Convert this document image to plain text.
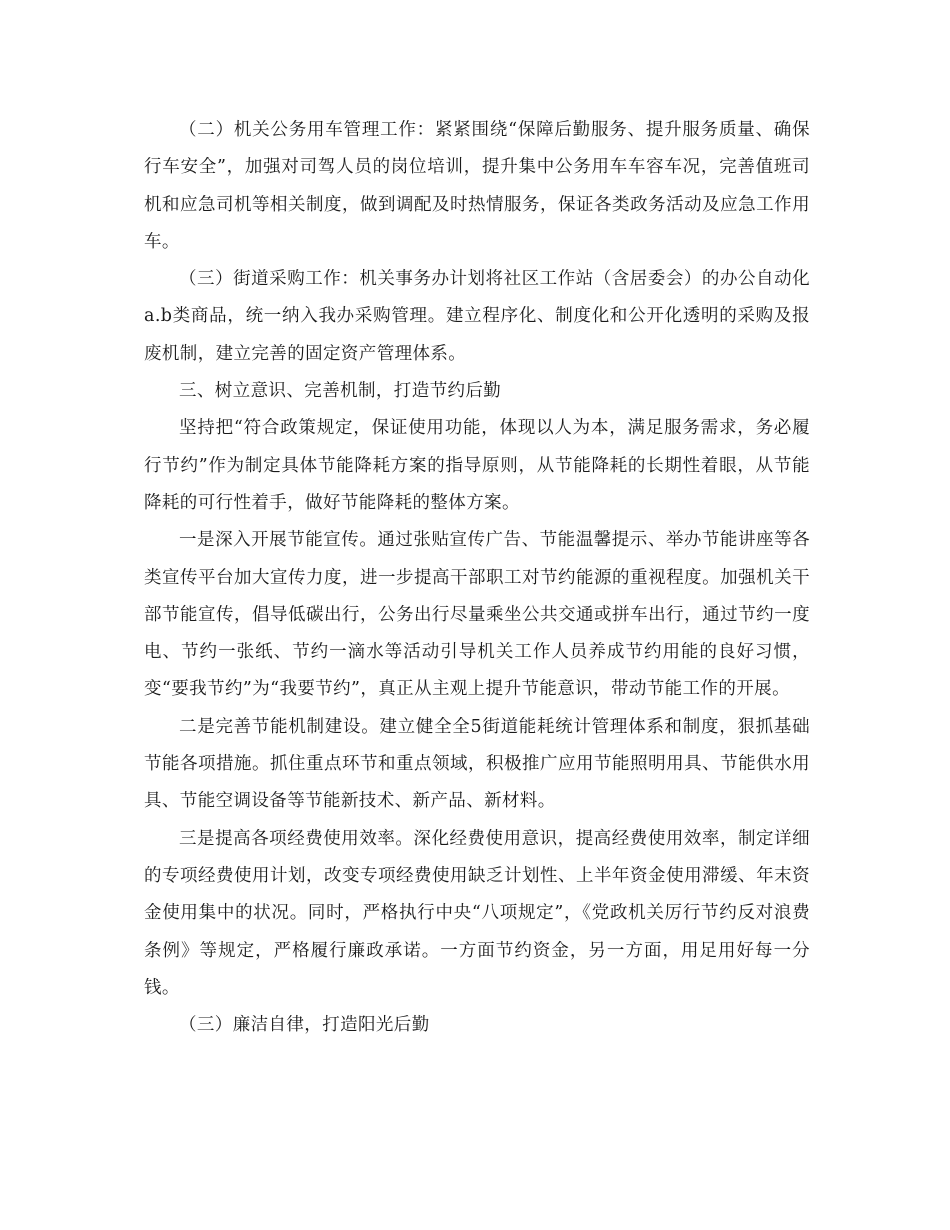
（二）机关公务用车管理工作：紧紧围绕“保障后勤服务、提升服务质量、确保行车安全”，加强对司驾人员的岗位培训，提升集中公务用车车容车况，完善值班司机和应急司机等相关制度，做到调配及时热情服务，保证各类政务活动及应急工作用车。

（三）街道采购工作：机关事务办计划将社区工作站（含居委会）的办公自动化a.b类商品，统一纳入我办采购管理。建立程序化、制度化和公开化透明的采购及报废机制，建立完善的固定资产管理体系。

三、树立意识、完善机制，打造节约后勤

坚持把“符合政策规定，保证使用功能，体现以人为本，满足服务需求，务必履行节约”作为制定具体节能降耗方案的指导原则，从节能降耗的长期性着眼，从节能降耗的可行性着手，做好节能降耗的整体方案。

一是深入开展节能宣传。通过张贴宣传广告、节能温馨提示、举办节能讲座等各类宣传平台加大宣传力度，进一步提高干部职工对节约能源的重视程度。加强机关干部节能宣传，倡导低碳出行，公务出行尽量乘坐公共交通或拼车出行，通过节约一度电、节约一张纸、节约一滴水等活动引导机关工作人员养成节约用能的良好习惯，变“要我节约”为“我要节约”，真正从主观上提升节能意识，带动节能工作的开展。

二是完善节能机制建设。建立健全全5街道能耗统计管理体系和制度，狠抓基础节能各项措施。抓住重点环节和重点领域，积极推广应用节能照明用具、节能供水用具、节能空调设备等节能新技术、新产品、新材料。

三是提高各项经费使用效率。深化经费使用意识，提高经费使用效率，制定详细的专项经费使用计划，改变专项经费使用缺乏计划性、上半年资金使用滞缓、年末资金使用集中的状况。同时，严格执行中央“八项规定”，《党政机关厉行节约反对浪费条例》等规定，严格履行廉政承诺。一方面节约资金，另一方面，用足用好每一分钱。

（三）廉洁自律，打造阳光后勤
